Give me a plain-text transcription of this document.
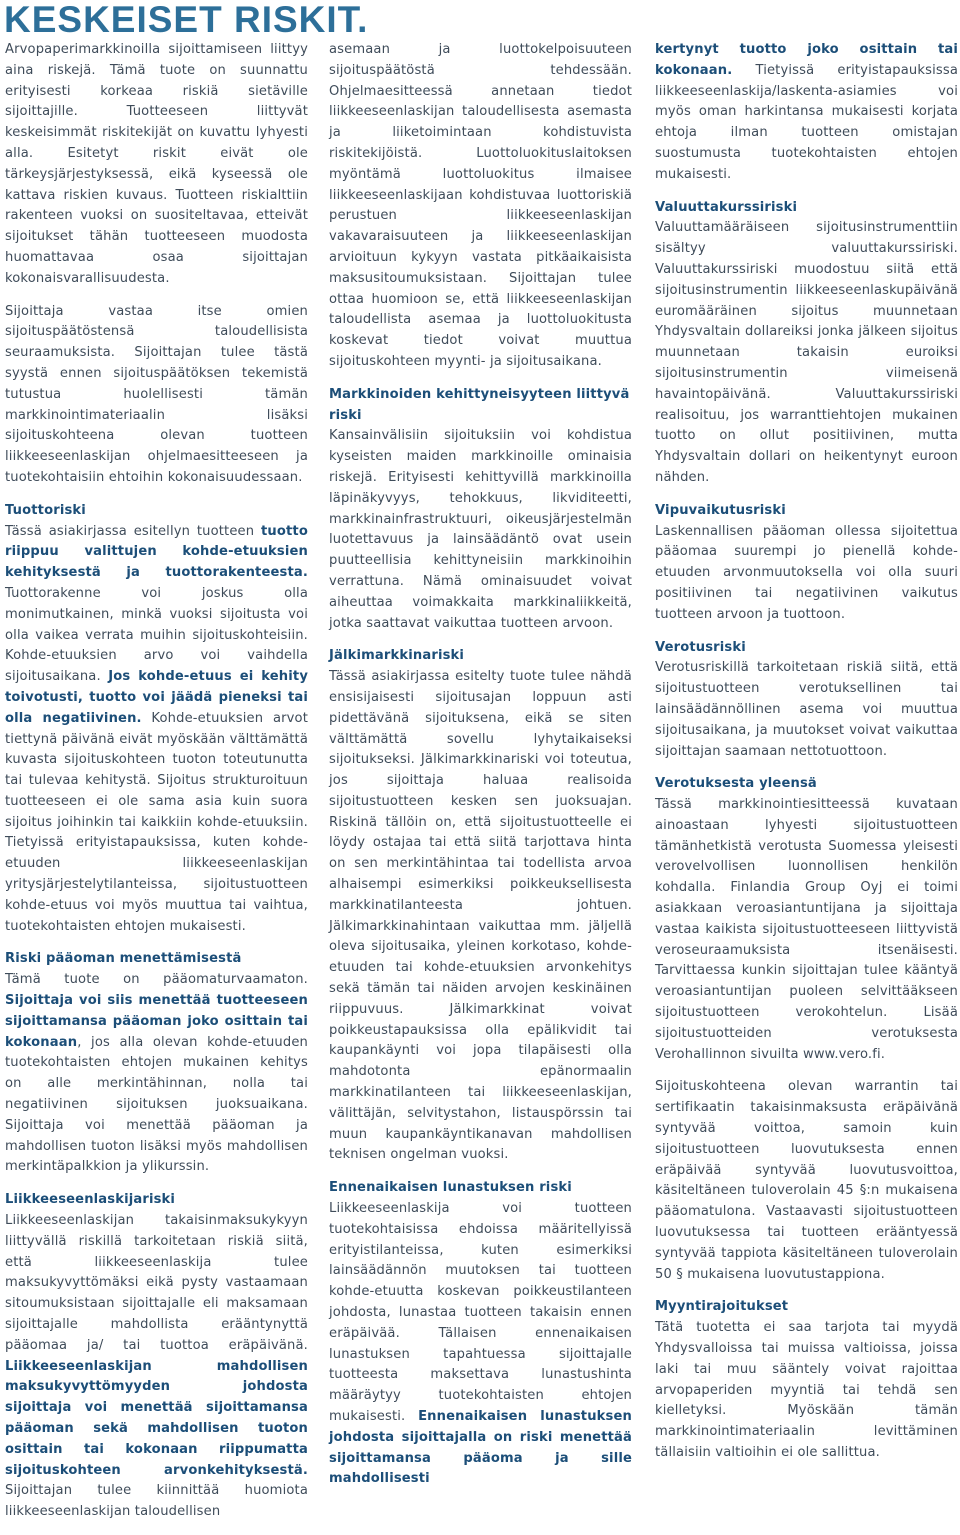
KESKEISET RISKIT.

Arvopaperimarkkinoilla sijoittamiseen liittyy aina riskejä. Tämä tuote on suunnattu erityisesti korkeaa riskiä sietäville sijoittajille. Tuotteeseen liittyvät keskeisimmät riskitekijät on kuvattu lyhyesti alla. Esitetyt riskit eivät ole tärkeysjärjestyksessä, eikä kyseessä ole kattava riskien kuvaus. Tuotteen riskialttiin rakenteen vuoksi on suositeltavaa, etteivät sijoitukset tähän tuotteeseen muodosta huomattavaa osaa sijoittajan kokonaisvarallisuudesta.

Sijoittaja vastaa itse omien sijoituspäätöstensä taloudellisista seuraamuksista. Sijoittajan tulee tästä syystä ennen sijoituspäätöksen tekemistä tutustua huolellisesti tämän markkinointimateriaalin lisäksi sijoituskohteena olevan tuotteen liikkeeseenlaskijan ohjelmaesitteeseen ja tuotekohtaisiin ehtoihin kokonaisuudessaan.

Tuottoriski

Tässä asiakirjassa esitellyn tuotteen tuotto riippuu valittujen kohde-etuuksien kehityksestä ja tuottorakenteesta. Tuottorakenne voi joskus olla monimutkainen, minkä vuoksi sijoitusta voi olla vaikea verrata muihin sijoituskohteisiin. Kohde-etuuksien arvo voi vaihdella sijoitusaikana. Jos kohde-etuus ei kehity toivotusti, tuotto voi jäädä pieneksi tai olla negatiivinen. Kohde-etuuksien arvot tiettynä päivänä eivät myöskään välttämättä kuvasta sijoituskohteen tuoton toteutunutta tai tulevaa kehitystä. Sijoitus strukturoituun tuotteeseen ei ole sama asia kuin suora sijoitus joihinkin tai kaikkiin kohde-etuuksiin. Tietyissä erityistapauksissa, kuten kohde-etuuden liikkeeseenlaskijan yritysjärjestelytilanteissa, sijoitustuotteen kohde-etuus voi myös muuttua tai vaihtua, tuotekohtaisten ehtojen mukaisesti.

Riski pääoman menettämisestä

Tämä tuote on pääomaturvaamaton. Sijoittaja voi siis menettää tuotteeseen sijoittamansa pääoman joko osittain tai kokonaan, jos alla olevan kohde-etuuden tuotekohtaisten ehtojen mukainen kehitys on alle merkintähinnan, nolla tai negatiivinen sijoituksen juoksuaikana. Sijoittaja voi menettää pääoman ja mahdollisen tuoton lisäksi myös mahdollisen merkintäpalkkion ja ylikurssin.

Liikkeeseenlaskijariski

Liikkeeseenlaskijan takaisinmaksukykyyn liittyvällä riskillä tarkoitetaan riskiä siitä, että liikkeeseenlaskija tulee maksukyvyttömäksi eikä pysty vastaamaan sitoumuksistaan sijoittajalle eli maksamaan sijoittajalle mahdollista erääntynyttä pääomaa ja/ tai tuottoa eräpäivänä. Liikkeeseenlaskijan mahdollisen maksukyvyttömyyden johdosta sijoittaja voi menettää sijoittamansa pääoman sekä mahdollisen tuoton osittain tai kokonaan riippumatta sijoituskohteen arvonkehityksestä. Sijoittajan tulee kiinnittää huomiota liikkeeseenlaskijan taloudellisen

asemaan ja luottokelpoisuuteen sijoituspäätöstä tehdessään. Ohjelmaesitteessä annetaan tiedot liikkeeseenlaskijan taloudellisesta asemasta ja liiketoimintaan kohdistuvista riskitekijöistä. Luottoluokituslaitoksen myöntämä luottoluokitus ilmaisee liikkeeseenlaskijaan kohdistuvaa luottoriskiä perustuen liikkeeseenlaskijan vakavaraisuuteen ja liikkeeseenlaskijan arvioituun kykyyn vastata pitkäaikaisista maksusitoumuksistaan. Sijoittajan tulee ottaa huomioon se, että liikkeeseenlaskijan taloudellista asemaa ja luottoluokitusta koskevat tiedot voivat muuttua sijoituskohteen myynti- ja sijoitusaikana.

Markkinoiden kehittyneisyyteen liittyvä riski

Kansainvälisiin sijoituksiin voi kohdistua kyseisten maiden markkinoille ominaisia riskejä. Erityisesti kehittyvillä markkinoilla läpinäkyvyys, tehokkuus, likviditeetti, markkinainfrastruktuuri, oikeusjärjestelmän luotettavuus ja lainsäädäntö ovat usein puutteellisia kehittyneisiin markkinoihin verrattuna. Nämä ominaisuudet voivat aiheuttaa voimakkaita markkinaliikkeitä, jotka saattavat vaikuttaa tuotteen arvoon.

Jälkimarkkinariski

Tässä asiakirjassa esitelty tuote tulee nähdä ensisijaisesti sijoitusajan loppuun asti pidettävänä sijoituksena, eikä se siten välttämättä sovellu lyhytaikaiseksi sijoitukseksi. Jälkimarkkinariski voi toteutua, jos sijoittaja haluaa realisoida sijoitustuotteen kesken sen juoksuajan. Riskinä tällöin on, että sijoitustuotteelle ei löydy ostajaa tai että siitä tarjottava hinta on sen merkintähintaa tai todellista arvoa alhaisempi esimerkiksi poikkeuksellisesta markkinatilanteesta johtuen. Jälkimarkkinahintaan vaikuttaa mm. jäljellä oleva sijoitusaika, yleinen korkotaso, kohde-etuuden tai kohde-etuuksien arvonkehitys sekä tämän tai näiden arvojen keskinäinen riippuvuus. Jälkimarkkinat voivat poikkeustapauksissa olla epälikvidit tai kaupankäynti voi jopa tilapäisesti olla mahdotonta epänormaalin markkinatilanteen tai liikkeeseenlaskijan, välittäjän, selvitystahon, listauspörssin tai muun kaupankäyntikanavan mahdollisen teknisen ongelman vuoksi.

Ennenaikaisen lunastuksen riski

Liikkeeseenlaskija voi tuotteen tuotekohtaisissa ehdoissa määritellyissä erityistilanteissa, kuten esimerkiksi lainsäädännön muutoksen tai tuotteen kohde-etuutta koskevan poikkeustilanteen johdosta, lunastaa tuotteen takaisin ennen eräpäivää. Tällaisen ennenaikaisen lunastuksen tapahtuessa sijoittajalle tuotteesta maksettava lunastushinta määräytyy tuotekohtaisten ehtojen mukaisesti. Ennenaikaisen lunastuksen johdosta sijoittajalla on riski menettää sijoittamansa pääoma ja sille mahdollisesti

kertynyt tuotto joko osittain tai kokonaan. Tietyissä erityistapauksissa liikkeeseenlaskija/laskenta-asiamies voi myös oman harkintansa mukaisesti korjata ehtoja ilman tuotteen omistajan suostumusta tuotekohtaisten ehtojen mukaisesti.

Valuuttakurssiriski

Valuuttamääräiseen sijoitusinstrumenttiin sisältyy valuuttakurssiriski. Valuuttakurssiriski muodostuu siitä että sijoitusinstrumentin liikkeeseenlaskupäivänä euromääräinen sijoitus muunnetaan Yhdysvaltain dollareiksi jonka jälkeen sijoitus muunnetaan takaisin euroiksi sijoitusinstrumentin viimeisenä havaintopäivänä. Valuuttakurssiriski realisoituu, jos warranttiehtojen mukainen tuotto on ollut positiivinen, mutta Yhdysvaltain dollari on heikentynyt euroon nähden.

Vipuvaikutusriski

Laskennallisen pääoman ollessa sijoitettua pääomaa suurempi jo pienellä kohde-etuuden arvonmuutoksella voi olla suuri positiivinen tai negatiivinen vaikutus tuotteen arvoon ja tuottoon.

Verotusriski

Verotusriskillä tarkoitetaan riskiä siitä, että sijoitustuotteen verotuksellinen tai lainsäädännöllinen asema voi muuttua sijoitusaikana, ja muutokset voivat vaikuttaa sijoittajan saamaan nettotuottoon.

Verotuksesta yleensä

Tässä markkinointiesitteessä kuvataan ainoastaan lyhyesti sijoitustuotteen tämänhetkistä verotusta Suomessa yleisesti verovelvollisen luonnollisen henkilön kohdalla. Finlandia Group Oyj ei toimi asiakkaan veroasiantuntijana ja sijoittaja vastaa kaikista sijoitustuotteeseen liittyvistä veroseuraamuksista itsenäisesti. Tarvittaessa kunkin sijoittajan tulee kääntyä veroasiantuntijan puoleen selvittääkseen sijoitustuotteen verokohtelun. Lisää sijoitustuotteiden verotuksesta Verohallinnon sivuilta www.vero.fi.

Sijoituskohteena olevan warrantin tai sertifikaatin takaisinmaksusta eräpäivänä syntyvää voittoa, samoin kuin sijoitustuotteen luovutuksesta ennen eräpäivää syntyvää luovutusvoittoa, käsiteltäneen tuloverolain 45 §:n mukaisena pääomatulona. Vastaavasti sijoitustuotteen luovutuksessa tai tuotteen erääntyessä syntyvää tappiota käsiteltäneen tuloverolain 50 § mukaisena luovutustappiona.

Myyntirajoitukset

Tätä tuotetta ei saa tarjota tai myydä Yhdysvalloissa tai muissa valtioissa, joissa laki tai muu sääntely voivat rajoittaa arvopaperiden myyntiä tai tehdä sen kielletyksi. Myöskään tämän markkinointimateriaalin levittäminen tällaisiin valtioihin ei ole sallittua.
